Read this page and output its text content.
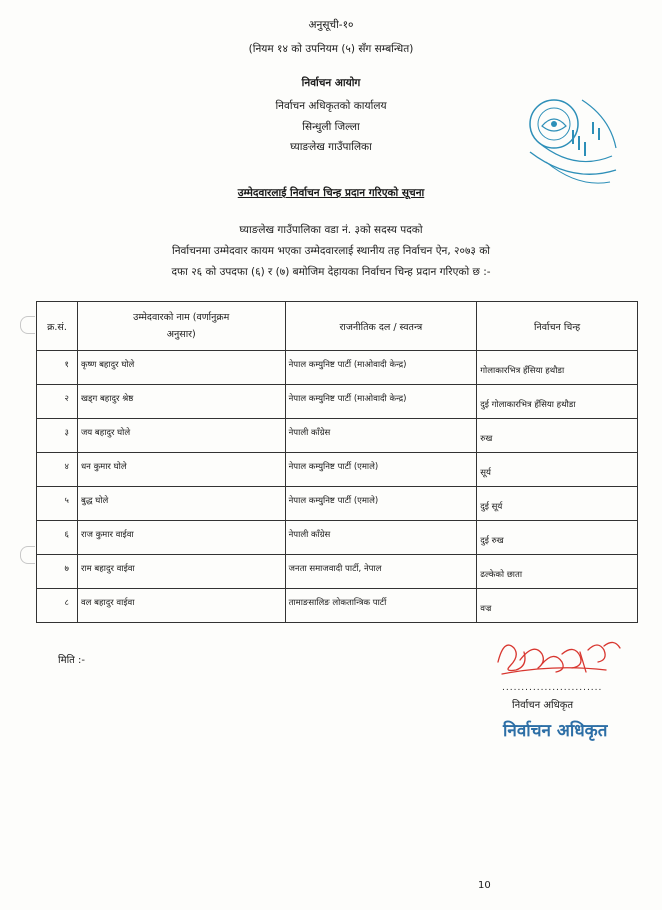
अनुसूची-१०
(नियम १४ को उपनियम (५) सँग सम्बन्धित)
निर्वाचन आयोग
निर्वाचन अधिकृतको कार्यालय
सिन्धुली जिल्ला
घ्याङलेख गाउँपालिका
उम्मेदवारलाई निर्वाचन चिन्ह प्रदान गरिएको सूचना
घ्याङलेख गाउँपालिका वडा नं. ३को सदस्य पदको
निर्वाचनमा उम्मेदवार कायम भएका उम्मेदवारलाई स्थानीय तह निर्वाचन ऐन, २०७३ को
दफा २६ को उपदफा (६) र (७) बमोजिम देहायका निर्वाचन चिन्ह प्रदान गरिएको छ :-
क्र.सं.	उम्मेदवारको नाम (वर्णानुक्रम
अनुसार)	राजनीतिक दल / स्वतन्त्र	निर्वाचन चिन्ह
१	कृष्ण बहादुर घोले	नेपाल कम्युनिष्ट पार्टी (माओवादी केन्द्र)	गोलाकारभित्र हँसिया हथौडा
२	खड्ग बहादुर श्रेष्ठ	नेपाल कम्युनिष्ट पार्टी (माओवादी केन्द्र)	दुई गोलाकारभित्र हँसिया हथौडा
३	जय बहादुर घोले	नेपाली काँग्रेस	रुख
४	धन कुमार घोले	नेपाल कम्युनिष्ट पार्टी (एमाले)	सूर्य
५	बुद्ध घोले	नेपाल कम्युनिष्ट पार्टी (एमाले)	दुई सूर्य
६	राज कुमार वाईवा	नेपाली काँग्रेस	दुई रुख
७	राम बहादुर वाईवा	जनता समाजवादी पार्टी, नेपाल	ढल्केको छाता
८	वल बहादुर वाईवा	तामाङसालिङ लोकतान्त्रिक पार्टी	वज्र
मिति :-
..........................
निर्वाचन अधिकृत
निर्वाचन अधिकृत
10
